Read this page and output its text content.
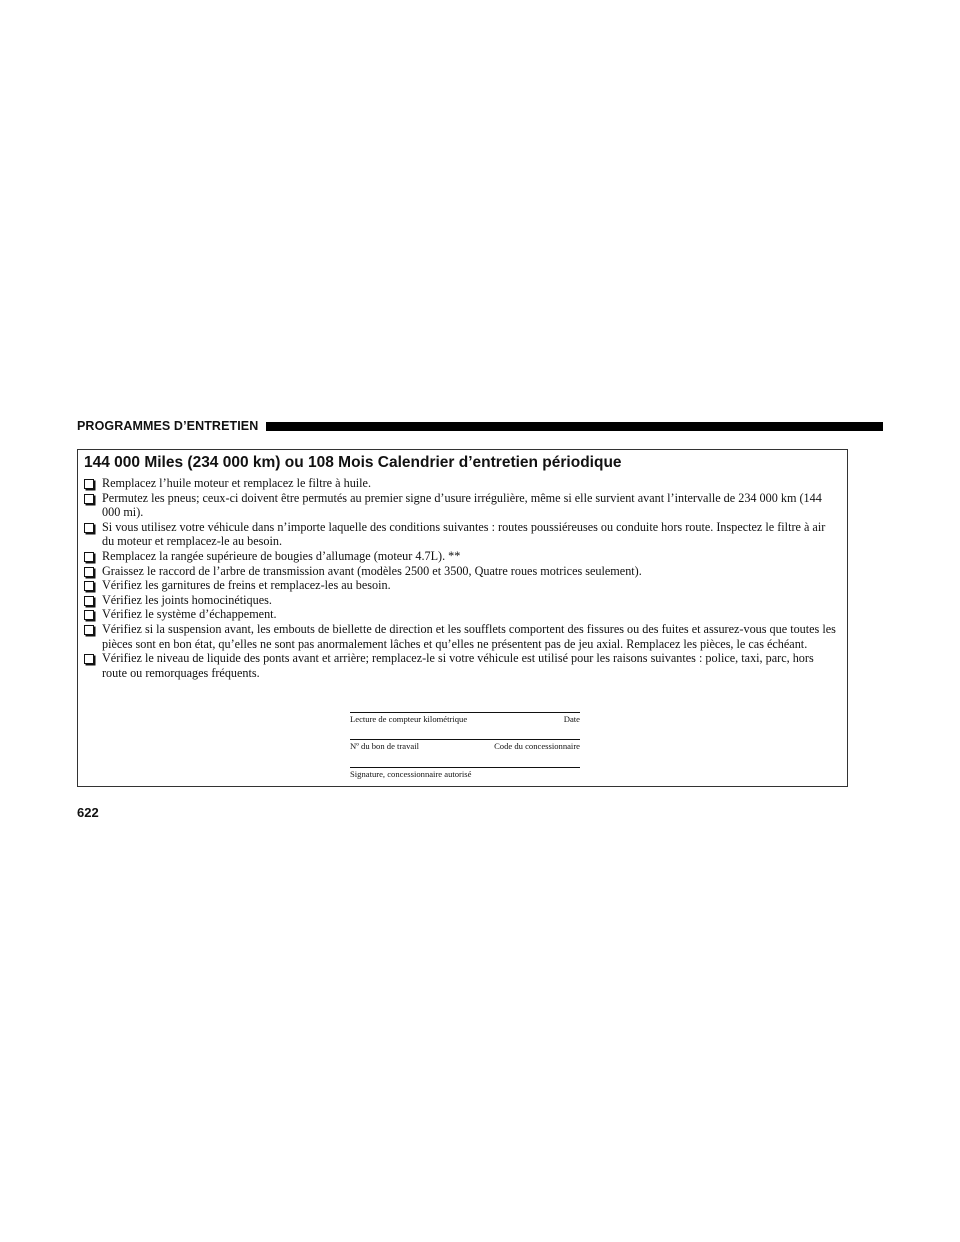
PROGRAMMES D’ENTRETIEN
144 000 Miles (234 000 km) ou 108 Mois Calendrier d’entretien périodique
Remplacez l’huile moteur et remplacez le filtre à huile.
Permutez les pneus; ceux-ci doivent être permutés au premier signe d’usure irrégulière, même si elle survient avant l’intervalle de 234 000 km (144 000 mi).
Si vous utilisez votre véhicule dans n’importe laquelle des conditions suivantes : routes poussiéreuses ou conduite hors route. Inspectez le filtre à air du moteur et remplacez-le au besoin.
Remplacez la rangée supérieure de bougies d’allumage (moteur 4.7L). **
Graissez le raccord de l’arbre de transmission avant (modèles 2500 et 3500, Quatre roues motrices seulement).
Vérifiez les garnitures de freins et remplacez-les au besoin.
Vérifiez les joints homocinétiques.
Vérifiez le système d’échappement.
Vérifiez si la suspension avant, les embouts de biellette de direction et les soufflets comportent des fissures ou des fuites et assurez-vous que toutes les pièces sont en bon état, qu’elles ne sont pas anormalement lâches et qu’elles ne présentent pas de jeu axial. Remplacez les pièces, le cas échéant.
Vérifiez le niveau de liquide des ponts avant et arrière; remplacez-le si votre véhicule est utilisé pour les raisons suivantes : police, taxi, parc, hors route ou remorquages fréquents.
Lecture de compteur kilométrique	Date
Nº du bon de travail	Code du concessionnaire
Signature, concessionnaire autorisé
622
